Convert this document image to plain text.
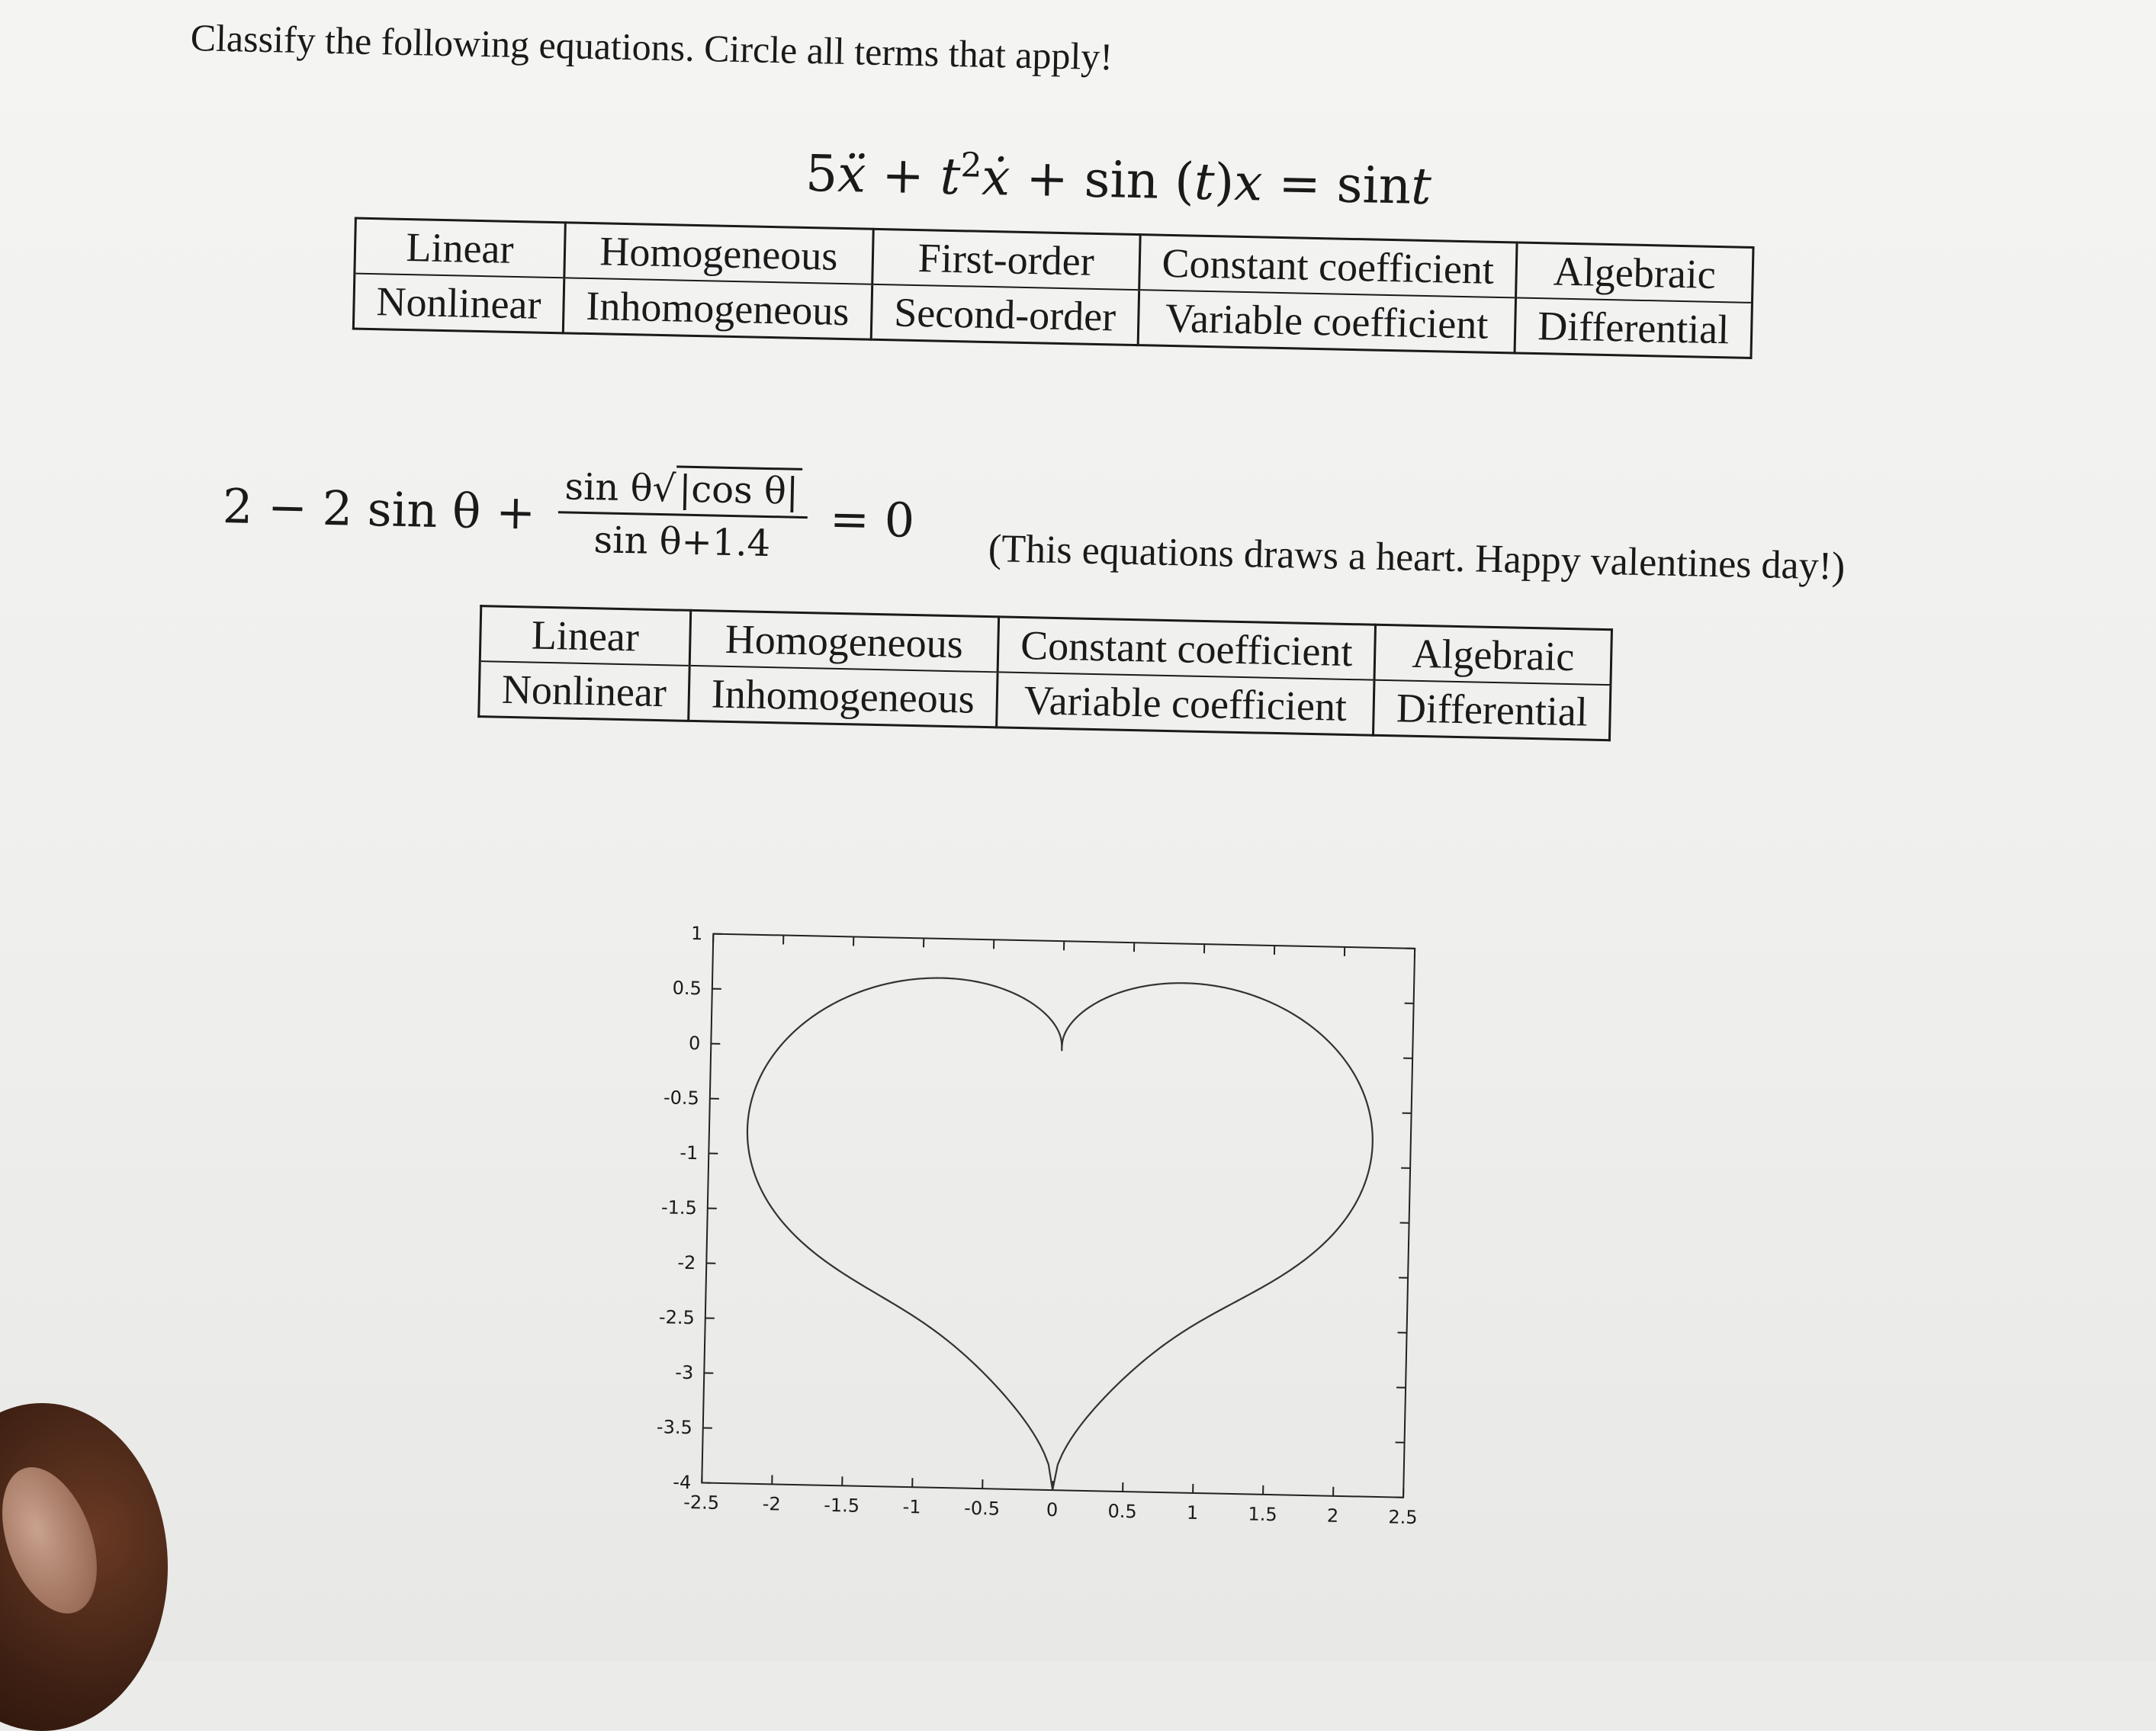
Classify the following equations. Circle all terms that apply!
5ẍ + $t^2ẋ + \sin (t)x = \sin t$
Linear	Homogeneous	First-order	Constant coefficient	Algebraic
Nonlinear	Inhomogeneous	Second-order	Variable coefficient	Differential
2 − 2 $\sin \theta + \frac{\text{sin θ√|cos θ|}}{\text{sin θ+1.4}} = 0$
(This equations draws a heart. Happy valentines day!)
Linear	Homogeneous	Constant coefficient	Algebraic
Nonlinear	Inhomogeneous	Variable coefficient	Differential
1
0.5
0
-0.5
-1
-1.5
-2
-2.5
-3
-3.5
-4
-2.5 -2 -1.5 -1 -0.5	0	0.5	1	1.5	2	2.5
